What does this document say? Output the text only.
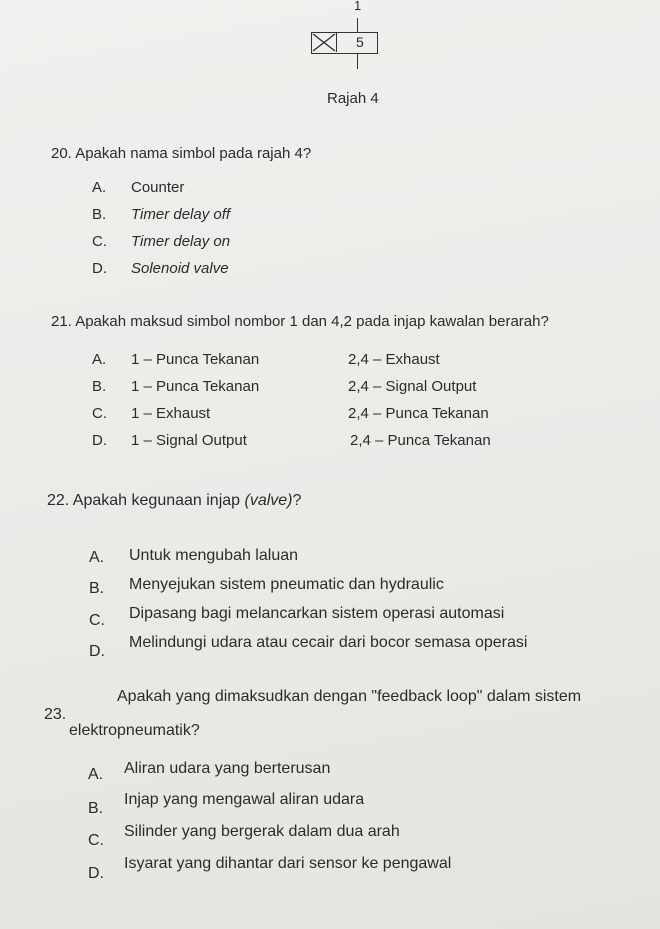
1
5
Rajah 4
20. Apakah nama simbol pada rajah 4?
A. Counter
B. Timer delay off
C. Timer delay on
D. Solenoid valve
21. Apakah maksud simbol nombor 1 dan 4,2 pada injap kawalan berarah?
A. 1 – Punca Tekanan	2,4 – Exhaust
B. 1 – Punca Tekanan	2,4 – Signal Output
C. 1 – Exhaust	2,4 – Punca Tekanan
D. 1 – Signal Output	2,4 – Punca Tekanan
22. Apakah kegunaan injap (valve)?
A. Untuk mengubah laluan
B. Menyejukan sistem pneumatic dan hydraulic
C. Dipasang bagi melancarkan sistem operasi automasi
D.
Melindungi udara atau cecair dari bocor semasa operasi
23.
Apakah yang dimaksudkan dengan "feedback loop" dalam sistem
elektropneumatik?
A. Aliran udara yang berterusan
B.
Injap yang mengawal aliran udara
C.
Silinder yang bergerak dalam dua arah
D.
Isyarat yang dihantar dari sensor ke pengawal
